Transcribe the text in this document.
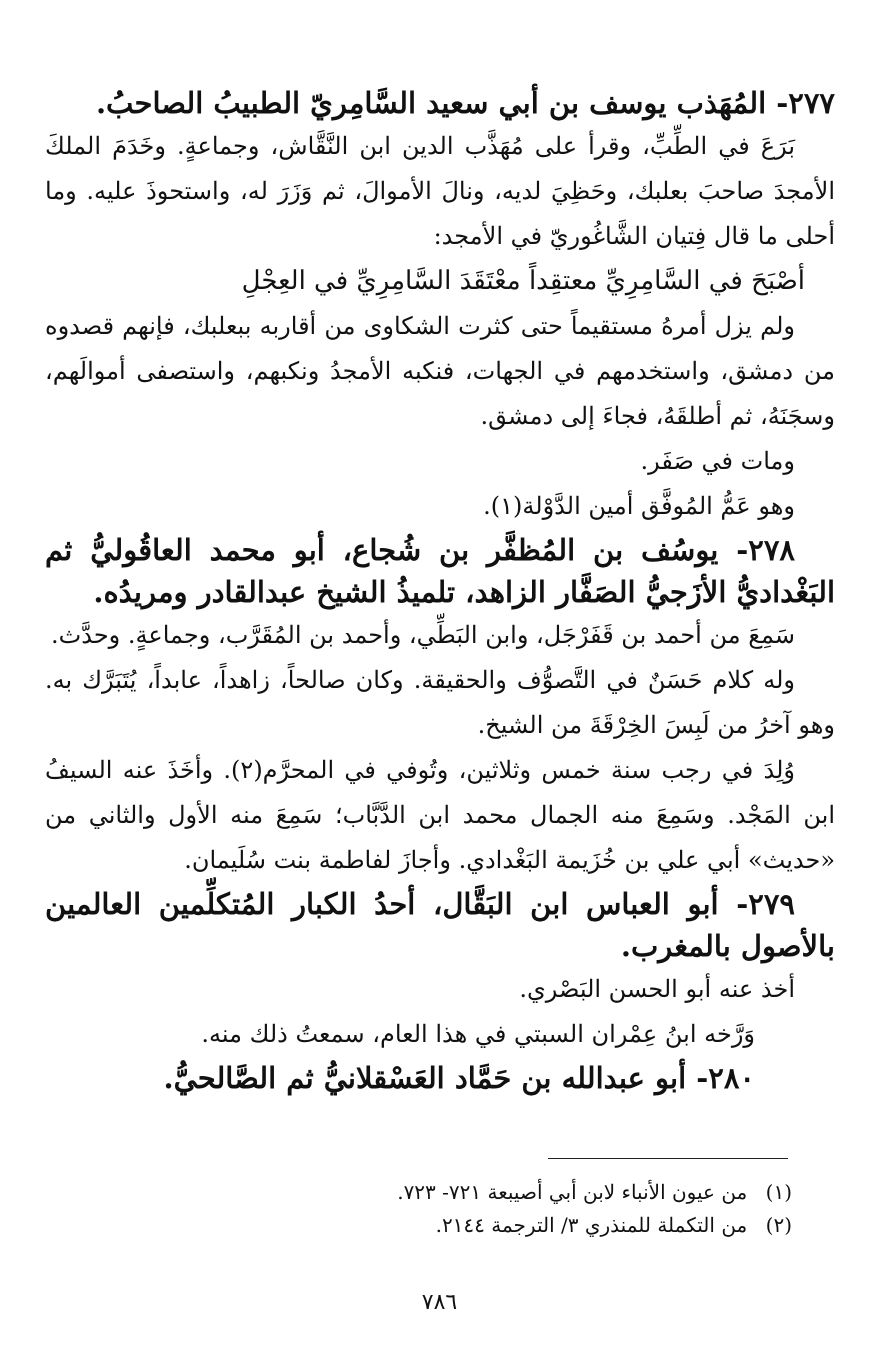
٢٧٧- المُهَذب يوسف بن أبي سعيد السَّامِريّ الطبيبُ الصاحبُ.

بَرَعَ في الطِّبِّ، وقرأ على مُهَذَّب الدين ابن النَّقَّاش، وجماعةٍ. وخَدَمَ الملكَ الأمجدَ صاحبَ بعلبك، وحَظِيَ لديه، ونالَ الأموالَ، ثم وَزَرَ له، واستحوذَ عليه. وما أحلى ما قال فِتيان الشَّاغُوريّ في الأمجد:

أصْبَحَ في السَّامِرِيِّ معتقِداً معْتَقَدَ السَّامِرِيِّ في العِجْلِ

ولم يزل أمرهُ مستقيماً حتى كثرت الشكاوى من أقاربه ببعلبك، فإنهم قصدوه من دمشق، واستخدمهم في الجهات، فنكبه الأمجدُ ونكبهم، واستصفى أموالَهم، وسجَنَهُ، ثم أطلقَهُ، فجاءَ إلى دمشق.

ومات في صَفَر.

وهو عَمُّ المُوفَّق أمين الدَّوْلة(١).

٢٧٨- يوسُف بن المُظفَّر بن شُجاع، أبو محمد العاقُوليُّ ثم البَغْداديُّ الأزَجيُّ الصَفَّار الزاهد، تلميذُ الشيخ عبدالقادر ومريدُه.

سَمِعَ من أحمد بن قَفَرْجَل، وابن البَطِّي، وأحمد بن المُقَرَّب، وجماعةٍ. وحدَّث.

وله كلام حَسَنٌ في التَّصوُّف والحقيقة. وكان صالحاً، زاهداً، عابداً، يُتَبَرَّك به. وهو آخرُ من لَبِسَ الخِرْقَةَ من الشيخ.

وُلِدَ في رجب سنة خمس وثلاثين، وتُوفي في المحرَّم(٢). وأخَذَ عنه السيفُ ابن المَجْد. وسَمِعَ منه الجمال محمد ابن الدَّبَّاب؛ سَمِعَ منه الأول والثاني من «حديث» أبي علي بن خُزَيمة البَغْدادي. وأجازَ لفاطمة بنت سُلَيمان.

٢٧٩- أبو العباس ابن البَقَّال، أحدُ الكبار المُتكلِّمين العالمين بالأصول بالمغرب.

أخذ عنه أبو الحسن البَصْري.

وَرَّخه ابنُ عِمْران السبتي في هذا العام، سمعتُ ذلك منه.

٢٨٠- أبو عبدالله بن حَمَّاد العَسْقلانيُّ ثم الصَّالحيُّ.

(١) من عيون الأنباء لابن أبي أصيبعة ٧٢١- ٧٢٣.
(٢) من التكملة للمنذري ٣/ الترجمة ٢١٤٤.
٧٨٦
